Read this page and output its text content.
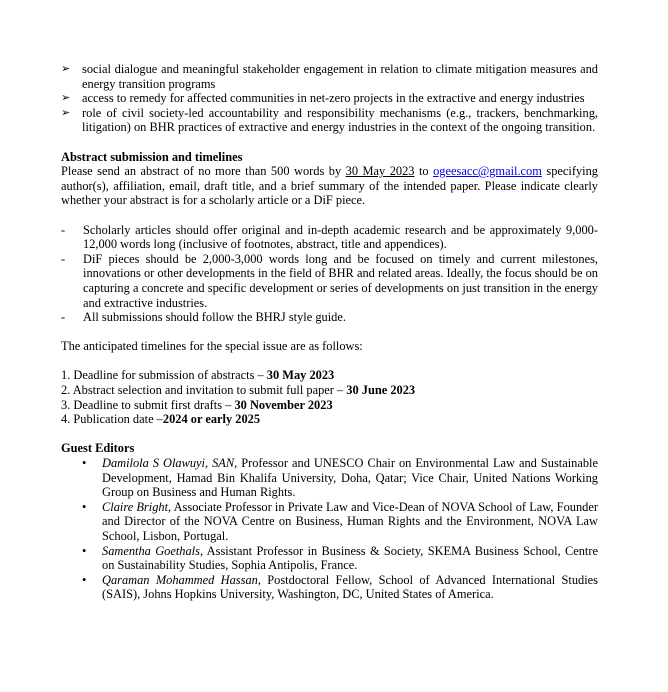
➢ social dialogue and meaningful stakeholder engagement in relation to climate mitigation measures and energy transition programs
➢ access to remedy for affected communities in net-zero projects in the extractive and energy industries
➢ role of civil society-led accountability and responsibility mechanisms (e.g., trackers, benchmarking, litigation) on BHR practices of extractive and energy industries in the context of the ongoing transition.
Abstract submission and timelines

Please send an abstract of no more than 500 words by 30 May 2023 to ogeesacc@gmail.com specifying author(s), affiliation, email, draft title, and a brief summary of the intended paper. Please indicate clearly whether your abstract is for a scholarly article or a DiF piece.

- Scholarly articles should offer original and in-depth academic research and be approximately 9,000-12,000 words long (inclusive of footnotes, abstract, title and appendices).
- DiF pieces should be 2,000-3,000 words long and be focused on timely and current milestones, innovations or other developments in the field of BHR and related areas. Ideally, the focus should be on capturing a concrete and specific development or series of developments on just transition in the energy and extractive industries.
- All submissions should follow the BHRJ style guide.

The anticipated timelines for the special issue are as follows:

1. Deadline for submission of abstracts – 30 May 2023

2. Abstract selection and invitation to submit full paper – 30 June 2023

3. Deadline to submit first drafts – 30 November 2023

4. Publication date –2024 or early 2025

Guest Editors
• Damilola S Olawuyi, SAN, Professor and UNESCO Chair on Environmental Law and Sustainable Development, Hamad Bin Khalifa University, Doha, Qatar; Vice Chair, United Nations Working Group on Business and Human Rights.
• Claire Bright, Associate Professor in Private Law and Vice-Dean of NOVA School of Law, Founder and Director of the NOVA Centre on Business, Human Rights and the Environment, NOVA Law School, Lisbon, Portugal.
• Samentha Goethals, Assistant Professor in Business & Society, SKEMA Business School, Centre on Sustainability Studies, Sophia Antipolis, France.
• Qaraman Mohammed Hassan, Postdoctoral Fellow, School of Advanced International Studies (SAIS), Johns Hopkins University, Washington, DC, United States of America.
